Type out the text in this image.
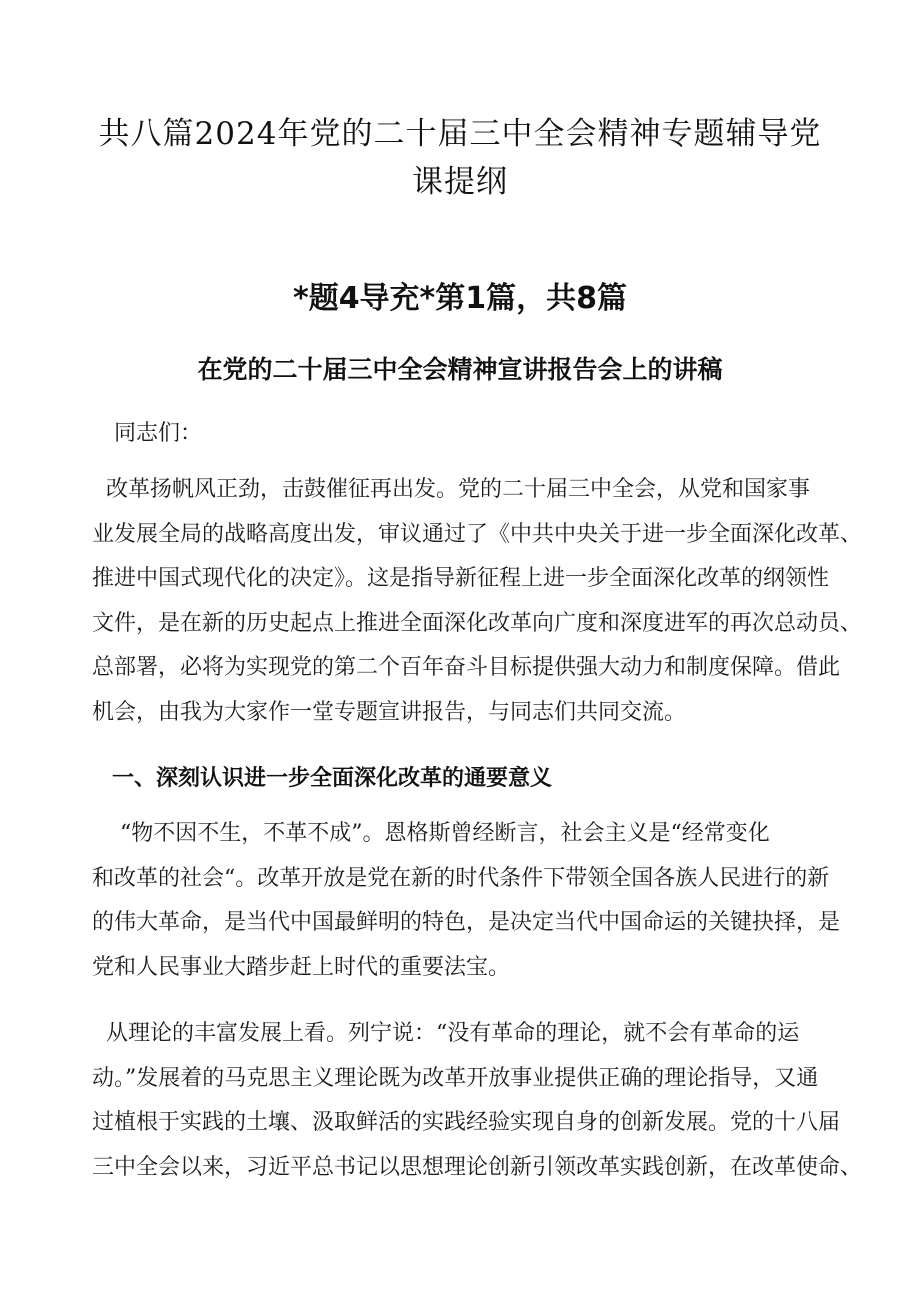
共八篇2024年党的二十届三中全会精神专题辅导党
课提纲
*题4导充*第1篇，共8篇
在党的二十届三中全会精神宣讲报告会上的讲稿
同志们：
改革扬帆风正劲，击鼓催征再出发。党的二十届三中全会，从党和国家事
业发展全局的战略高度出发，审议通过了《中共中央关于进一步全面深化改革、
推进中国式现代化的决定》。这是指导新征程上进一步全面深化改革的纲领性
文件，是在新的历史起点上推进全面深化改革向广度和深度进军的再次总动员、
总部署，必将为实现党的第二个百年奋斗目标提供强大动力和制度保障。借此
机会，由我为大家作一堂专题宣讲报告，与同志们共同交流。
一、深刻认识进一步全面深化改革的通要意义
“物不因不生，不革不成”。恩格斯曾经断言，社会主义是“经常变化
和改革的社会“。改革开放是党在新的时代条件下带领全国各族人民进行的新
的伟大革命，是当代中国最鲜明的特色，是决定当代中国命运的关键抉择，是
党和人民事业大踏步赶上时代的重要法宝。
从理论的丰富发展上看。列宁说：“没有革命的理论，就不会有革命的运
动。”发展着的马克思主义理论既为改革开放事业提供正确的理论指导，又通
过植根于实践的土壤、汲取鲜活的实践经验实现自身的创新发展。党的十八届
三中全会以来，习近平总书记以思想理论创新引领改革实践创新，在改革使命、
